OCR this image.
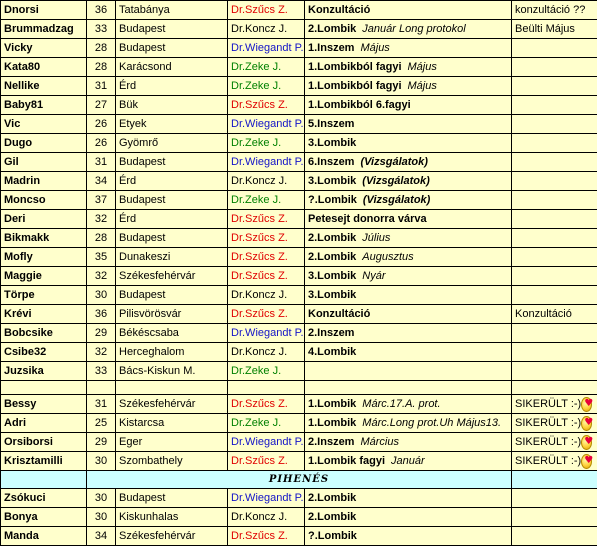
Dnorsi	36	Tatabánya	Dr.Szűcs Z.	Konzultáció	konzultáció ??

Brummadzag	33	Budapest	Dr.Koncz J.	2.Lombik Január Long protokol	Beülti Május

Vicky	28	Budapest	Dr.Wiegandt P.	1.Inszem Május	

Kata80	28	Karácsond	Dr.Zeke J.	1.Lombikból fagyi Május	

Nellike	31	Érd	Dr.Zeke J.	1.Lombikból fagyi Május	

Baby81	27	Bük	Dr.Szűcs Z.	1.Lombikból 6.fagyi	

Vic	26	Etyek	Dr.Wiegandt P.	5.Inszem	

Dugo	26	Gyömrő	Dr.Zeke J.	3.Lombik	

Gil	31	Budapest	Dr.Wiegandt P.	6.Inszem (Vizsgálatok)	

Madrin	34	Érd	Dr.Koncz J.	3.Lombik (Vizsgálatok)	

Moncso	37	Budapest	Dr.Zeke J.	?.Lombik (Vizsgálatok)	

Deri	32	Érd	Dr.Szűcs Z.	Petesejt donorra várva	

Bikmakk	28	Budapest	Dr.Szűcs Z.	2.Lombik Július	

Mofly	35	Dunakeszi	Dr.Szűcs Z.	2.Lombik Augusztus	

Maggie	32	Székesfehérvár	Dr.Szűcs Z.	3.Lombik Nyár	

Törpe	30	Budapest	Dr.Koncz J.	3.Lombik	

Krévi	36	Pilisvörösvár	Dr.Szűcs Z.	Konzultáció	Konzultáció

Bobcsike	29	Békéscsaba	Dr.Wiegandt P.	2.Inszem	

Csibe32	32	Herceghalom	Dr.Koncz J.	4.Lombik	

Juzsika	33	Bács-Kiskun M.	Dr.Zeke J.		

Bessy	31	Székesfehérvár	Dr.Szűcs Z.	1.Lombik Márc.17.A. prot.	SIKERÜLT :-)
♥

Adri	25	Kistarcsa	Dr.Zeke J.	1.Lombik Márc.Long prot.Uh Május13.	SIKERÜLT :-)
♥

Orsiborsi	29	Eger	Dr.Wiegandt P.	2.Inszem Március	SIKERÜLT :-)
♥

Krisztamilli	30	Szombathely	Dr.Szűcs Z.	1.Lombik fagyi Január	SIKERÜLT :-)
♥

	PIHENÉS				
Zsókuci	30	Budapest	Dr.Wiegandt P.	2.Lombik	

Bonya	30	Kiskunhalas	Dr.Koncz J.	2.Lombik	

Manda	34	Székesfehérvár	Dr.Szűcs Z.	?.Lombik	
